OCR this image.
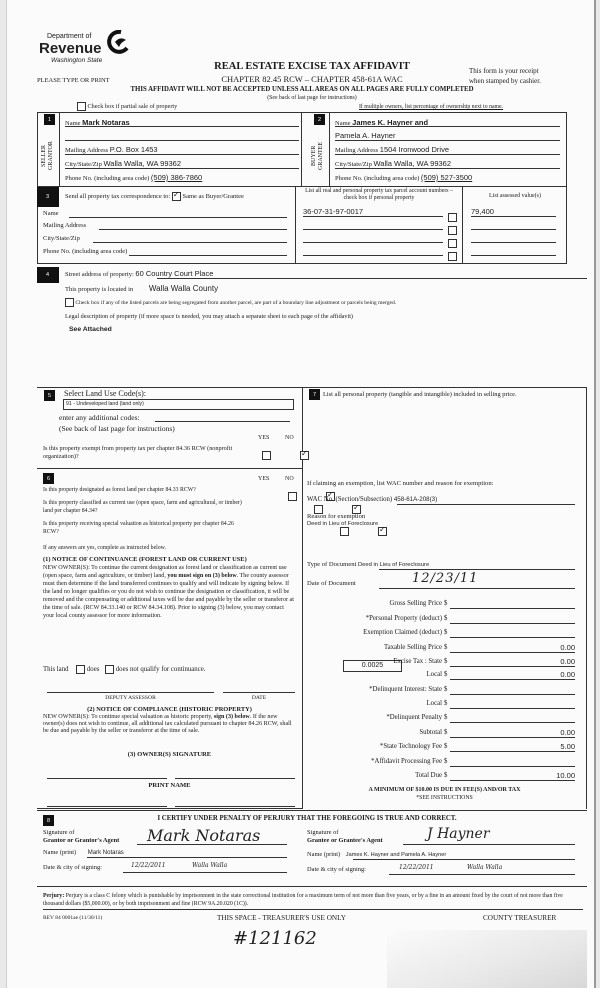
Department of
Revenue
Washington State
PLEASE TYPE OR PRINT
REAL ESTATE EXCISE TAX AFFIDAVIT
CHAPTER 82.45 RCW – CHAPTER 458-61A WAC
This form is your receipt
when stamped by cashier.
THIS AFFIDAVIT WILL NOT BE ACCEPTED UNLESS ALL AREAS ON ALL PAGES ARE FULLY COMPLETED
(See back of last page for instructions)
Check box if partial sale of property	If multiple owners, list percentage of ownership next to name.
1
SELLER GRANTOR
Name Mark Notaras
Mailing Address P.O. Box 1453
City/State/Zip Walla Walla, WA 99362
Phone No. (including area code) (509) 386-7860
2
BUYER GRANTEE
Name James K. Hayner and
Pamela A. Hayner
Mailing Address 1504 Ironwood Drive
City/State/Zip Walla Walla, WA 99362
Phone No. (including area code) (509) 527-3500
3	Send all property tax correspondence to: ✓ Same as Buyer/Grantee
Name
Mailing Address
City/State/Zip
Phone No. (including area code)
List all real and personal property tax parcel account numbers – check box if personal property	List assessed value(s)
36-07-31-97-0017	79,400
4	Street address of property: 60 Country Court Place
This property is located in Walla Walla County
Check box if any of the listed parcels are being segregated from another parcel, are part of a boundary line adjustment or parcels being merged.
Legal description of property (if more space is needed, you may attach a separate sheet to each page of the affidavit)
See Attached
5	Select Land Use Code(s):
91 - Undeveloped land (land only)
enter any additional codes:
(See back of last page for instructions)
YES	NO
Is this property exempt from property tax per chapter 84.36 RCW (nonprofit organization)?
✓
6	YES	NO
Is this property designated as forest land per chapter 84.33 RCW?
✓
Is this property classified as current use (open space, farm and agricultural, or timber) land per chapter 84.34?
✓
Is this property receiving special valuation as historical property per chapter 84.26 RCW?
✓
If any answers are yes, complete as instructed below.
(1) NOTICE OF CONTINUANCE (FOREST LAND OR CURRENT USE)
NEW OWNER(S): To continue the current designation as forest land or classification as current use (open space, farm and agriculture, or timber) land, you must sign on (3) below. The county assessor must then determine if the land transferred continues to qualify and will indicate by signing below. If the land no longer qualifies or you do not wish to continue the designation or classification, it will be removed and the compensating or additional taxes will be due and payable by the seller or transferor at the time of sale. (RCW 84.33.140 or RCW 84.34.108). Prior to signing (3) below, you may contact your local county assessor for more information.
This land	does does not qualify for continuance.
DEPUTY ASSESSOR	DATE
(2) NOTICE OF COMPLIANCE (HISTORIC PROPERTY)
NEW OWNER(S): To continue special valuation as historic property, sign (3) below. If the new owner(s) does not wish to continue, all additional tax calculated pursuant to chapter 84.26 RCW, shall be due and payable by the seller or transferor at the time of sale.
(3) OWNER(S) SIGNATURE
PRINT NAME
7	List all personal property (tangible and intangible) included in selling price.
If claiming an exemption, list WAC number and reason for exemption:
WAC No. (Section/Subsection) 458-61A-208(3)
Reason for exemption
Deed in Lieu of Foreclosure
Type of Document Deed in Lieu of Foreclosure
Date of Document	12/23/11
0.0025
Gross Selling Price $
*Personal Property (deduct) $
Exemption Claimed (deduct) $
Taxable Selling Price $	0.00
Excise Tax : State $	0.00
Local $	0.00
*Delinquent Interest: State $
Local $
*Delinquent Penalty $
Subtotal $	0.00
*State Technology Fee $	5.00
*Affidavit Processing Fee $
Total Due $	10.00
A MINIMUM OF $10.00 IS DUE IN FEE(S) AND/OR TAX
*SEE INSTRUCTIONS
8	I CERTIFY UNDER PENALTY OF PERJURY THAT THE FOREGOING IS TRUE AND CORRECT.
Signature of
Grantor or Grantor's Agent Mark Notaras
Name (print) Mark Notaras
Date & city of signing:	12/22/2011	Walla Walla
Signature of
Grantee or Grantee's Agent	J Hayner
Name (print) James K. Hayner and Pamela A. Hayner
Date & city of signing:	12/22/2011	Walla Walla
Perjury: Perjury is a class C felony which is punishable by imprisonment in the state correctional institution for a maximum term of not more than five years, or by a fine in an amount fixed by the court of not more than five thousand dollars ($5,000.00), or by both imprisonment and fine (RCW 9A.20.020 (1C)).
REV 84 0001ae (11/30/11)	THIS SPACE - TREASURER'S USE ONLY	COUNTY TREASURER
#121162
